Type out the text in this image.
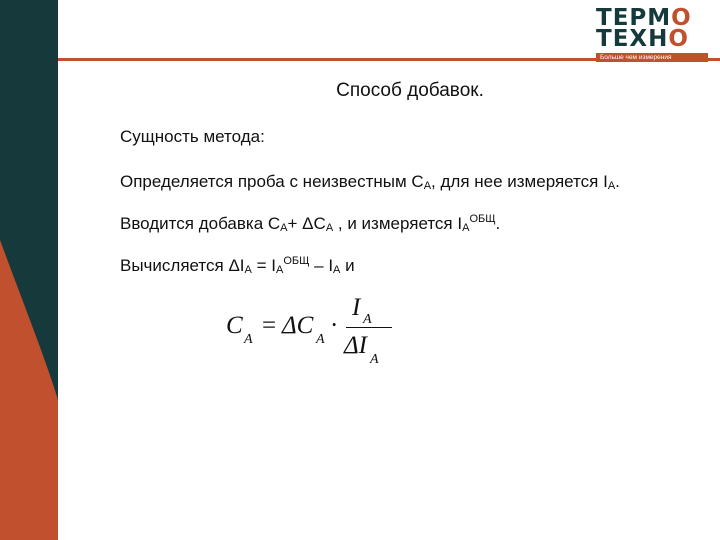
ТЕРМО
ТЕХНО
Больше чем измерения
Способ добавок.
Сущность метода:
Определяется проба с неизвестным $C_A$, для нее измеряется $I_A$.
Вводится добавка $C_A+ \Delta C_A$ , и измеряется $I_A^{ОБЩ}$.
Вычисляется $\Delta I_A = I_A^{ОБЩ} - I_A$ и
C
A
= ΔC
A
·
I A
ΔI
A
